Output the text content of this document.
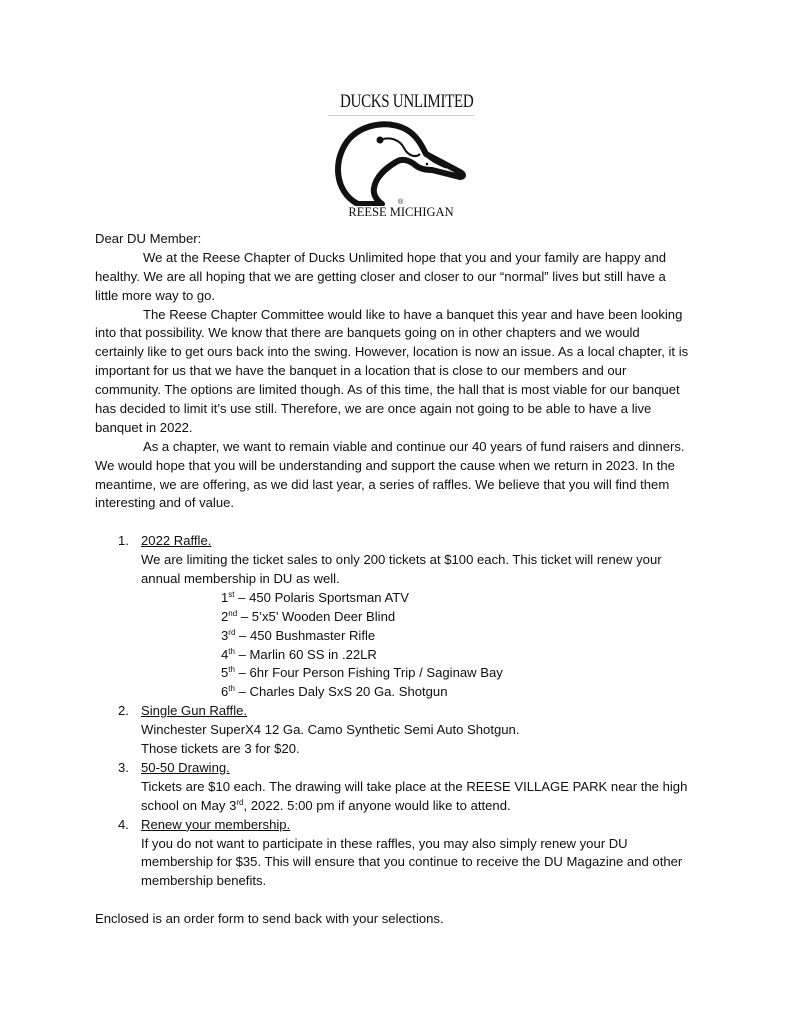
DUCKS UNLIMITED
®
REESE MICHIGAN
Dear DU Member:
We at the Reese Chapter of Ducks Unlimited hope that you and your family are happy and
healthy. We are all hoping that we are getting closer and closer to our “normal” lives but still have a
little more way to go.
The Reese Chapter Committee would like to have a banquet this year and have been looking
into that possibility. We know that there are banquets going on in other chapters and we would
certainly like to get ours back into the swing. However, location is now an issue. As a local chapter, it is
important for us that we have the banquet in a location that is close to our members and our
community. The options are limited though. As of this time, the hall that is most viable for our banquet
has decided to limit it’s use still. Therefore, we are once again not going to be able to have a live
banquet in 2022.
As a chapter, we want to remain viable and continue our 40 years of fund raisers and dinners.
We would hope that you will be understanding and support the cause when we return in 2023. In the
meantime, we are offering, as we did last year, a series of raffles. We believe that you will find them
interesting and of value.
1. 2022 Raffle.
We are limiting the ticket sales to only 200 tickets at $100 each. This ticket will renew your
annual membership in DU as well.
1st – 450 Polaris Sportsman ATV
2nd – 5’x5’ Wooden Deer Blind
3rd – 450 Bushmaster Rifle
4th – Marlin 60 SS in .22LR
5th – 6hr Four Person Fishing Trip / Saginaw Bay
6th – Charles Daly SxS 20 Ga. Shotgun
2. Single Gun Raffle.
Winchester SuperX4 12 Ga. Camo Synthetic Semi Auto Shotgun.
Those tickets are 3 for $20.
3. 50-50 Drawing.
Tickets are $10 each. The drawing will take place at the REESE VILLAGE PARK near the high
school on May 3rd, 2022. 5:00 pm if anyone would like to attend.
4. Renew your membership.
If you do not want to participate in these raffles, you may also simply renew your DU
membership for $35. This will ensure that you continue to receive the DU Magazine and other
membership benefits.
Enclosed is an order form to send back with your selections.
